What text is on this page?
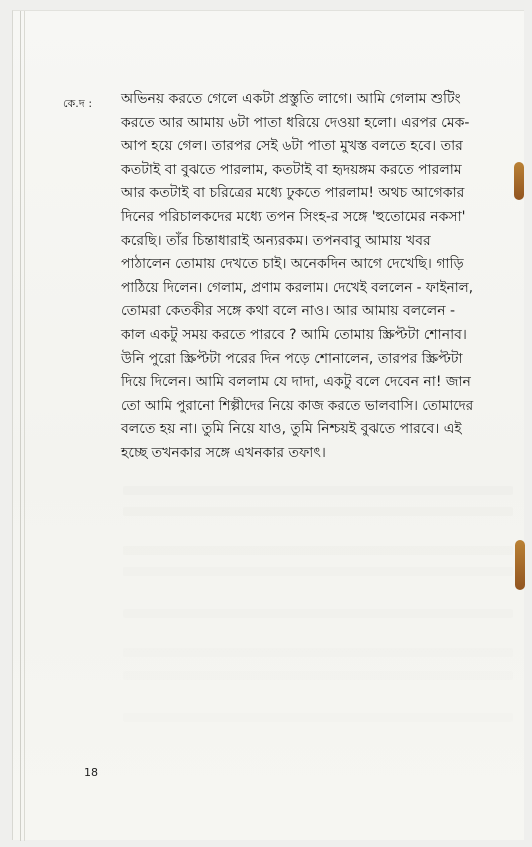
কে.দ : অভিনয় করতে গেলে একটা প্রস্তুতি লাগে। আমি গেলাম শুটিং
করতে আর আমায় ৬টা পাতা ধরিয়ে দেওয়া হলো। এরপর মেক-
আপ হয়ে গেল। তারপর সেই ৬টা পাতা মুখস্ত বলতে হবে। তার
কতটাই বা বুঝতে পারলাম, কতটাই বা হৃদয়ঙ্গম করতে পারলাম
আর কতটাই বা চরিত্রের মধ্যে ঢুকতে পারলাম! অথচ আগেকার
দিনের পরিচালকদের মধ্যে তপন সিংহ-র সঙ্গে 'হুতোমের নকসা'
করেছি। তাঁর চিন্তাধারাই অন্যরকম। তপনবাবু আমায় খবর
পাঠালেন তোমায় দেখতে চাই। অনেকদিন আগে দেখেছি। গাড়ি
পাঠিয়ে দিলেন। গেলাম, প্রণাম করলাম। দেখেই বললেন - ফাইনাল,
তোমরা কেতকীর সঙ্গে কথা বলে নাও। আর আমায় বললেন -
কাল একটু সময় করতে পারবে ? আমি তোমায় স্ক্রিপ্টটা শোনাব।
উনি পুরো স্ক্রিপ্টটা পরের দিন পড়ে শোনালেন, তারপর স্ক্রিপ্টটা
দিয়ে দিলেন। আমি বললাম যে দাদা, একটু বলে দেবেন না! জান
তো আমি পুরানো শিল্পীদের নিয়ে কাজ করতে ভালবাসি। তোমাদের
বলতে হয় না। তুমি নিয়ে যাও, তুমি নিশ্চয়ই বুঝতে পারবে। এই
হচ্ছে তখনকার সঙ্গে এখনকার তফাৎ।
18
